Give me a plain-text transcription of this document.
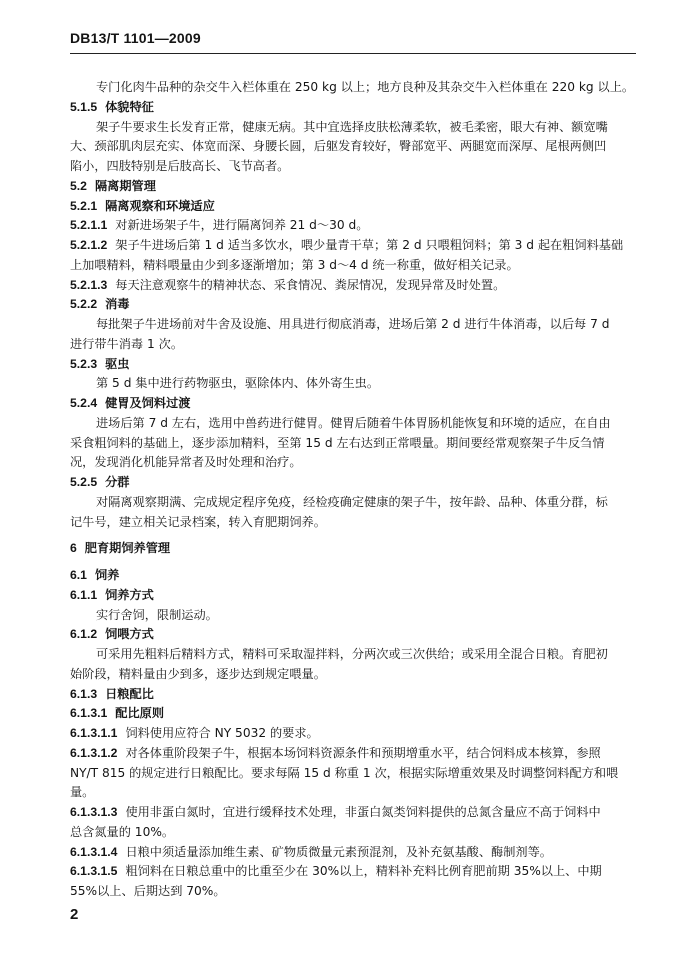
DB13/T 1101—2009
专门化肉牛品种的杂交牛入栏体重在 250 kg 以上；地方良种及其杂交牛入栏体重在 220 kg 以上。
5.1.5 体貌特征
架子牛要求生长发育正常，健康无病。其中宜选择皮肤松薄柔软，被毛柔密，眼大有神、额宽嘴
大、颈部肌肉层充实、体宽而深、身腰长圆，后躯发育较好，臀部宽平、两腿宽而深厚、尾根两侧凹
陷小，四肢特别是后肢高长、飞节高者。
5.2 隔离期管理
5.2.1 隔离观察和环境适应
5.2.1.1 对新进场架子牛，进行隔离饲养 21 d～30 d。
5.2.1.2 架子牛进场后第 1 d 适当多饮水，喂少量青干草；第 2 d 只喂粗饲料；第 3 d 起在粗饲料基础
上加喂精料，精料喂量由少到多逐渐增加；第 3 d～4 d 统一称重，做好相关记录。
5.2.1.3 每天注意观察牛的精神状态、采食情况、粪尿情况，发现异常及时处置。
5.2.2 消毒
每批架子牛进场前对牛舍及设施、用具进行彻底消毒，进场后第 2 d 进行牛体消毒，以后每 7 d
进行带牛消毒 1 次。
5.2.3 驱虫
第 5 d 集中进行药物驱虫，驱除体内、体外寄生虫。
5.2.4 健胃及饲料过渡
进场后第 7 d 左右，选用中兽药进行健胃。健胃后随着牛体胃肠机能恢复和环境的适应，在自由
采食粗饲料的基础上，逐步添加精料，至第 15 d 左右达到正常喂量。期间要经常观察架子牛反刍情
况，发现消化机能异常者及时处理和治疗。
5.2.5 分群
对隔离观察期满、完成规定程序免疫，经检疫确定健康的架子牛，按年龄、品种、体重分群，标
记牛号，建立相关记录档案，转入育肥期饲养。
6 肥育期饲养管理
6.1 饲养
6.1.1 饲养方式
实行舍饲，限制运动。
6.1.2 饲喂方式
可采用先粗料后精料方式，精料可采取湿拌料，分两次或三次供给；或采用全混合日粮。育肥初
始阶段，精料量由少到多，逐步达到规定喂量。
6.1.3 日粮配比
6.1.3.1 配比原则
6.1.3.1.1 饲料使用应符合 NY 5032 的要求。
6.1.3.1.2 对各体重阶段架子牛，根据本场饲料资源条件和预期增重水平，结合饲料成本核算，参照
NY/T 815 的规定进行日粮配比。要求每隔 15 d 称重 1 次，根据实际增重效果及时调整饲料配方和喂
量。
6.1.3.1.3 使用非蛋白氮时，宜进行缓释技术处理，非蛋白氮类饲料提供的总氮含量应不高于饲料中
总含氮量的 10%。
6.1.3.1.4 日粮中须适量添加维生素、矿物质微量元素预混剂，及补充氨基酸、酶制剂等。
6.1.3.1.5 粗饲料在日粮总重中的比重至少在 30%以上，精料补充料比例育肥前期 35%以上、中期
55%以上、后期达到 70%。
2
